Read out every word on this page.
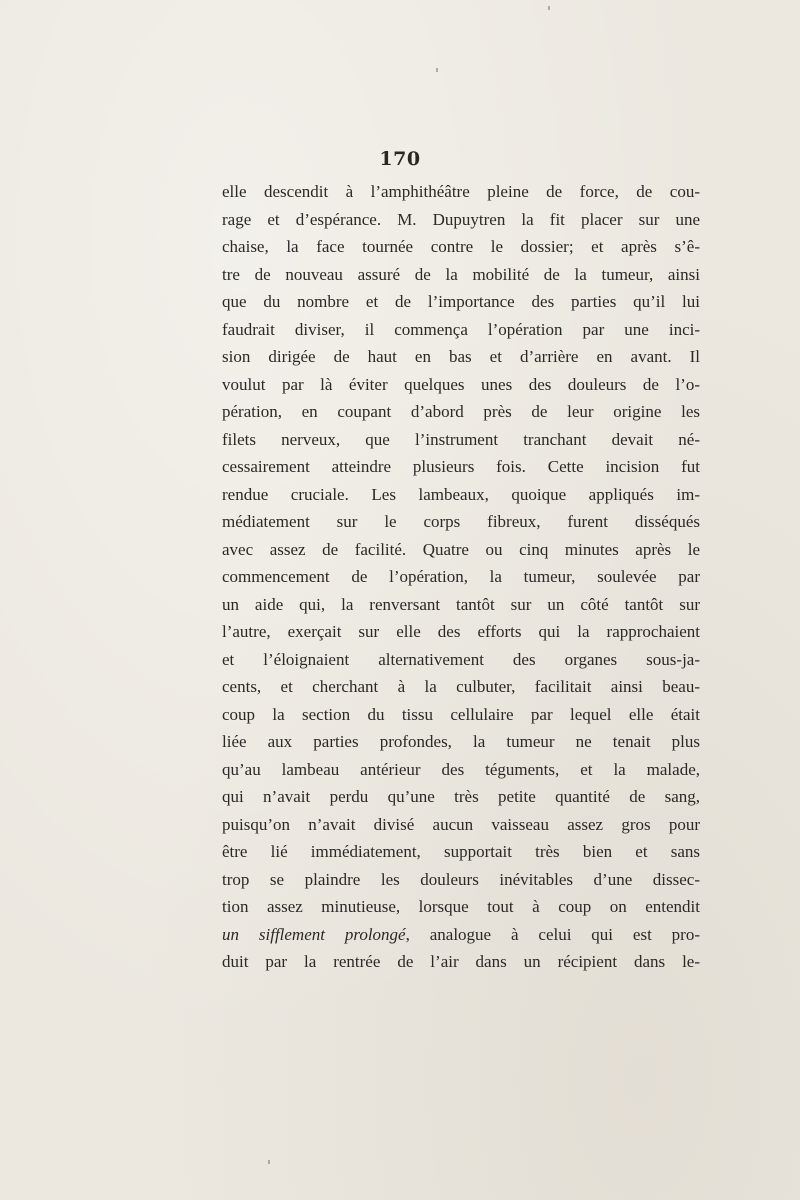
170
elle descendit à l’amphithéâtre pleine de force, de cou-
rage et d’espérance. M. Dupuytren la fit placer sur une
chaise, la face tournée contre le dossier; et après s’ê-
tre de nouveau assuré de la mobilité de la tumeur, ainsi
que du nombre et de l’importance des parties qu’il lui
faudrait diviser, il commença l’opération par une inci-
sion dirigée de haut en bas et d’arrière en avant. Il
voulut par là éviter quelques unes des douleurs de l’o-
pération, en coupant d’abord près de leur origine les
filets nerveux, que l’instrument tranchant devait né-
cessairement atteindre plusieurs fois. Cette incision fut
rendue cruciale. Les lambeaux, quoique appliqués im-
médiatement sur le corps fibreux, furent disséqués
avec assez de facilité. Quatre ou cinq minutes après le
commencement de l’opération, la tumeur, soulevée par
un aide qui, la renversant tantôt sur un côté tantôt sur
l’autre, exerçait sur elle des efforts qui la rapprochaient
et l’éloignaient alternativement des organes sous-ja-
cents, et cherchant à la culbuter, facilitait ainsi beau-
coup la section du tissu cellulaire par lequel elle était
liée aux parties profondes, la tumeur ne tenait plus
qu’au lambeau antérieur des téguments, et la malade,
qui n’avait perdu qu’une très petite quantité de sang,
puisqu’on n’avait divisé aucun vaisseau assez gros pour
être lié immédiatement, supportait très bien et sans
trop se plaindre les douleurs inévitables d’une dissec-
tion assez minutieuse, lorsque tout à coup on entendit
un sifflement prolongé, analogue à celui qui est pro-
duit par la rentrée de l’air dans un récipient dans le-
